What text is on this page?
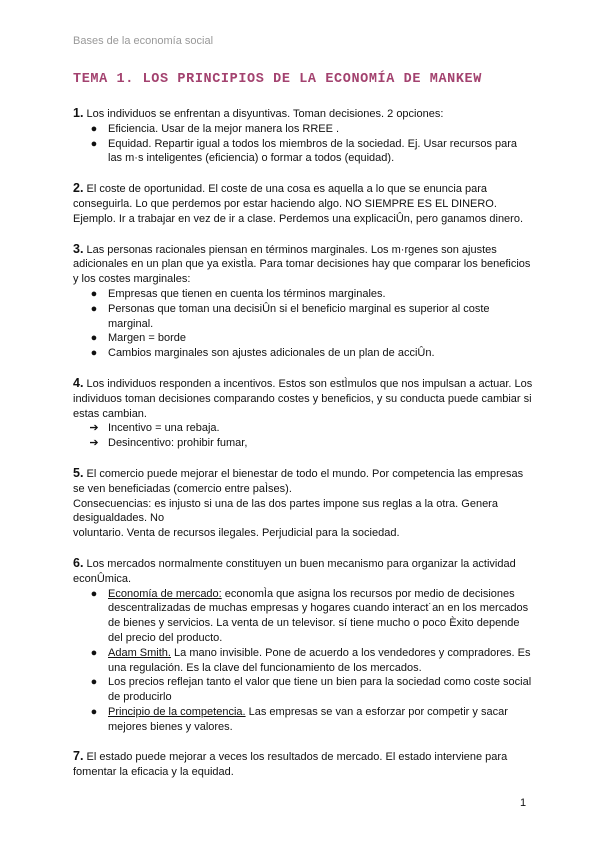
Bases de la economía social
TEMA 1. LOS PRINCIPIOS DE LA ECONOMÍA DE MANKEW

1. Los individuos se enfrentan a disyuntivas. Toman decisiones. 2 opciones:

● Eficiencia. Usar de la mejor manera los RREE .
● Equidad. Repartir igual a todos los miembros de la sociedad. Ej. Usar recursos para las m·s inteligentes (eficiencia) o formar a todos (equidad).

2. El coste de oportunidad. El coste de una cosa es aquella a lo que se enuncia para conseguirla. Lo que perdemos por estar haciendo algo. NO SIEMPRE ES EL DINERO. Ejemplo. Ir a trabajar en vez de ir a clase. Perdemos una explicaciÛn, pero ganamos dinero.

3. Las personas racionales piensan en términos marginales. Los m·rgenes son ajustes adicionales en un plan que ya existÌa. Para tomar decisiones hay que comparar los beneficios y los costes marginales:

● Empresas que tienen en cuenta los términos marginales.
● Personas que toman una decisiÛn si el beneficio marginal es superior al coste marginal.
● Margen = borde
● Cambios marginales son ajustes adicionales de un plan de acciÛn.

4. Los individuos responden a incentivos. Estos son estÌmulos que nos impulsan a actuar. Los individuos toman decisiones comparando costes y beneficios, y su conducta puede cambiar si estas cambian.

➔ Incentivo = una rebaja.
➔ Desincentivo: prohibir fumar,

5. El comercio puede mejorar el bienestar de todo el mundo. Por competencia las empresas se ven beneficiadas (comercio entre paÌses).

Consecuencias: es injusto si una de las dos partes impone sus reglas a la otra. Genera desigualdades. No

voluntario. Venta de recursos ilegales. Perjudicial para la sociedad.

6. Los mercados normalmente constituyen un buen mecanismo para organizar la actividad econÛmica.

● Economía de mercado: economÌa que asigna los recursos por medio de decisiones descentralizadas de muchas empresas y hogares cuando interact˙an en los mercados de bienes y servicios. La venta de un televisor. sí tiene mucho o poco Èxito depende del precio del producto.
● Adam Smith. La mano invisible. Pone de acuerdo a los vendedores y compradores. Es una regulación. Es la clave del funcionamiento de los mercados.
● Los precios reflejan tanto el valor que tiene un bien para la sociedad como coste social de producirlo
● Principio de la competencia. Las empresas se van a esforzar por competir y sacar mejores bienes y valores.

7. El estado puede mejorar a veces los resultados de mercado. El estado interviene para fomentar la eficacia y la equidad.

1
